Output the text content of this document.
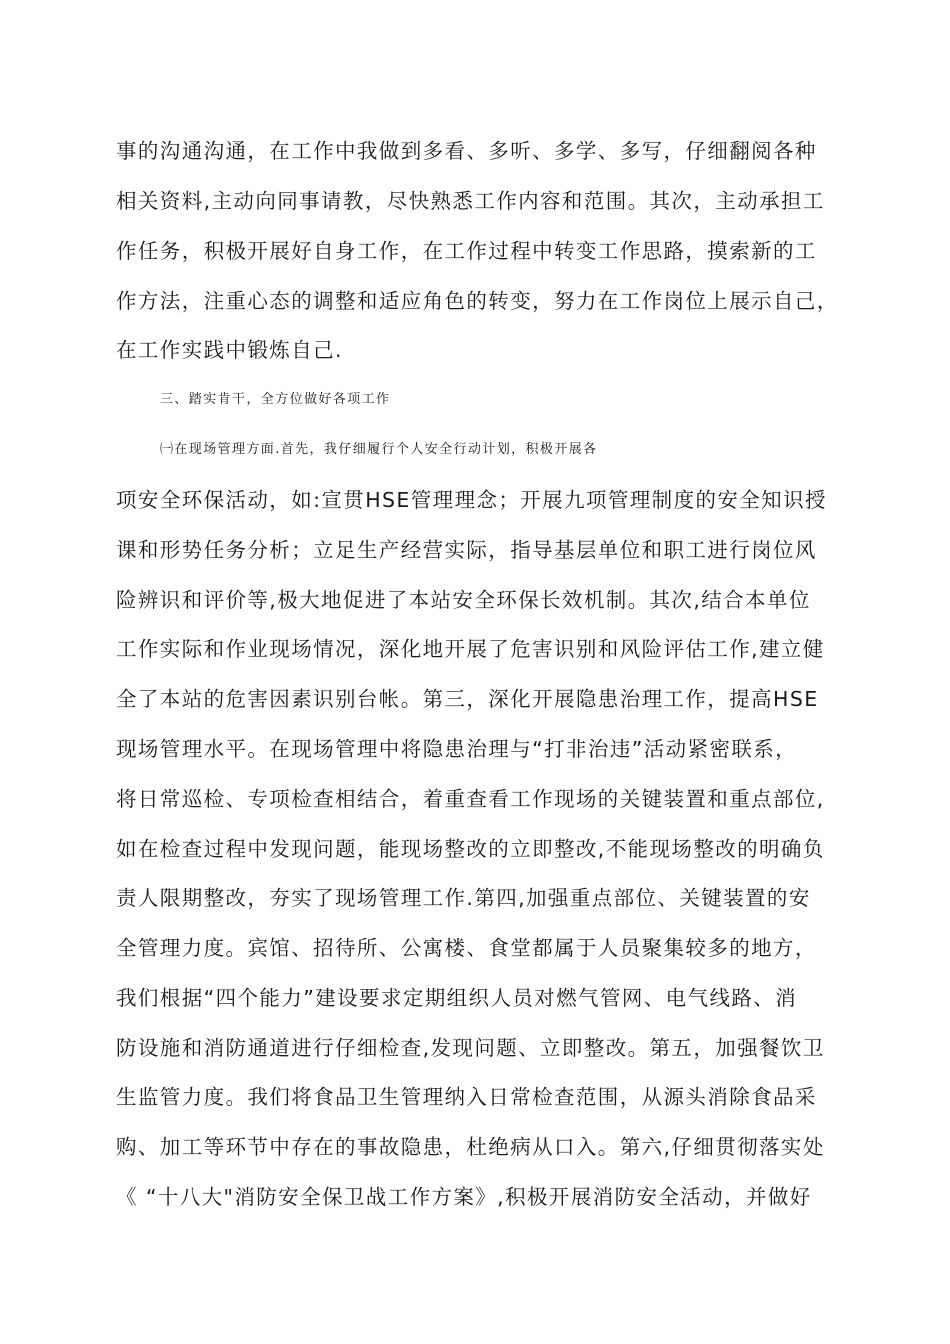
事的沟通沟通，在工作中我做到多看、多听、多学、多写，仔细翻阅各种
相关资料,主动向同事请教，尽快熟悉工作内容和范围。其次，主动承担工
作任务，积极开展好自身工作，在工作过程中转变工作思路，摸索新的工
作方法，注重心态的调整和适应角色的转变，努力在工作岗位上展示自己，
在工作实践中锻炼自己.
三、踏实肯干，全方位做好各项工作
㈠在现场管理方面.首先，我仔细履行个人安全行动计划，积极开展各
项安全环保活动，如:宣贯HSE管理理念；开展九项管理制度的安全知识授
课和形势任务分析；立足生产经营实际，指导基层单位和职工进行岗位风
险辨识和评价等,极大地促进了本站安全环保长效机制。其次,结合本单位
工作实际和作业现场情况，深化地开展了危害识别和风险评估工作,建立健
全了本站的危害因素识别台帐。第三，深化开展隐患治理工作，提高HSE
现场管理水平。在现场管理中将隐患治理与“打非治违”活动紧密联系，
将日常巡检、专项检查相结合，着重查看工作现场的关键装置和重点部位,
如在检查过程中发现问题，能现场整改的立即整改,不能现场整改的明确负
责人限期整改，夯实了现场管理工作.第四,加强重点部位、关键装置的安
全管理力度。宾馆、招待所、公寓楼、食堂都属于人员聚集较多的地方，
我们根据“四个能力”建设要求定期组织人员对燃气管网、电气线路、消
防设施和消防通道进行仔细检查,发现问题、立即整改。第五，加强餐饮卫
生监管力度。我们将食品卫生管理纳入日常检查范围，从源头消除食品采
购、加工等环节中存在的事故隐患，杜绝病从口入。第六,仔细贯彻落实处
《 “十八大"消防安全保卫战工作方案》,积极开展消防安全活动，并做好
